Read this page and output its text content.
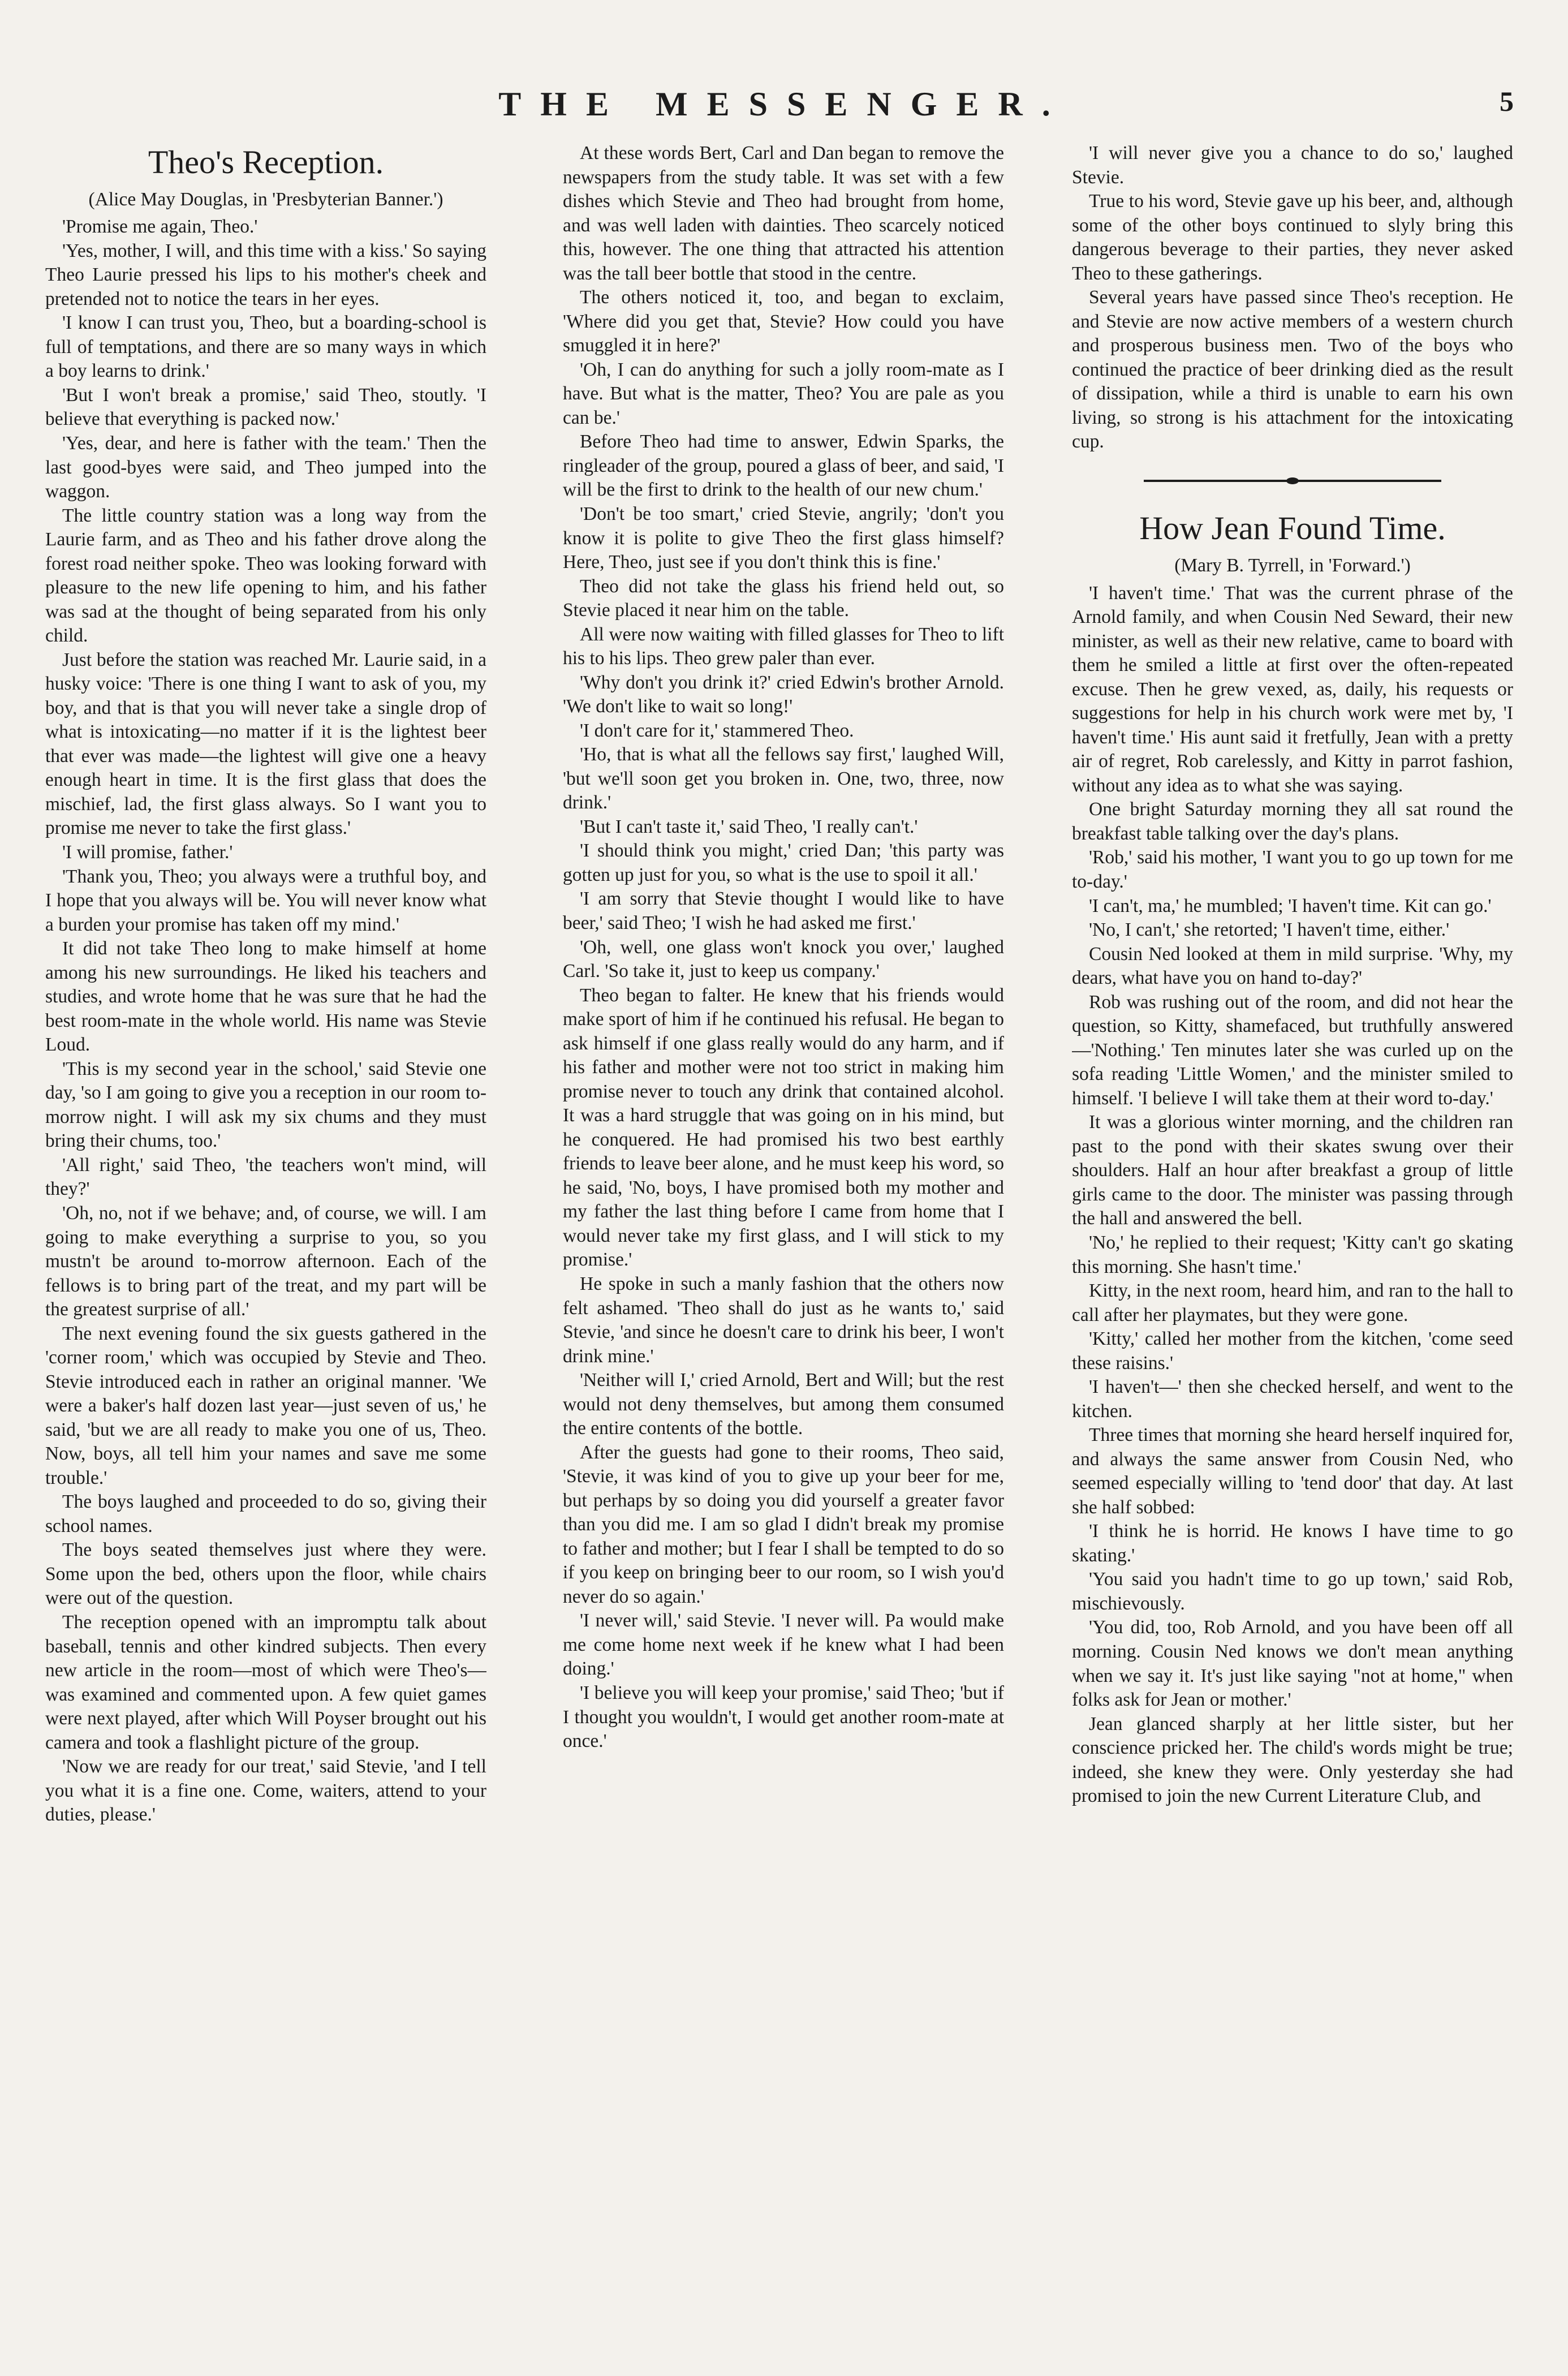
THE MESSENGER.	5
Theo's Reception.
(Alice May Douglas, in 'Presbyterian Banner.')

'Promise me again, Theo.'

'Yes, mother, I will, and this time with a kiss.' So saying Theo Laurie pressed his lips to his mother's cheek and pretended not to notice the tears in her eyes.

'I know I can trust you, Theo, but a boarding-school is full of temptations, and there are so many ways in which a boy learns to drink.'

'But I won't break a promise,' said Theo, stoutly. 'I believe that everything is packed now.'

'Yes, dear, and here is father with the team.' Then the last good-byes were said, and Theo jumped into the waggon.

The little country station was a long way from the Laurie farm, and as Theo and his father drove along the forest road neither spoke. Theo was looking forward with pleasure to the new life opening to him, and his father was sad at the thought of being separated from his only child.

Just before the station was reached Mr. Laurie said, in a husky voice: 'There is one thing I want to ask of you, my boy, and that is that you will never take a single drop of what is intoxicating—no matter if it is the lightest beer that ever was made—the lightest will give one a heavy enough heart in time. It is the first glass that does the mischief, lad, the first glass always. So I want you to promise me never to take the first glass.'

'I will promise, father.'

'Thank you, Theo; you always were a truthful boy, and I hope that you always will be. You will never know what a burden your promise has taken off my mind.'

It did not take Theo long to make himself at home among his new surroundings. He liked his teachers and studies, and wrote home that he was sure that he had the best room-mate in the whole world. His name was Stevie Loud.

'This is my second year in the school,' said Stevie one day, 'so I am going to give you a reception in our room to-morrow night. I will ask my six chums and they must bring their chums, too.'

'All right,' said Theo, 'the teachers won't mind, will they?'

'Oh, no, not if we behave; and, of course, we will. I am going to make everything a surprise to you, so you mustn't be around to-morrow afternoon. Each of the fellows is to bring part of the treat, and my part will be the greatest surprise of all.'

The next evening found the six guests gathered in the 'corner room,' which was occupied by Stevie and Theo. Stevie introduced each in rather an original manner. 'We were a baker's half dozen last year—just seven of us,' he said, 'but we are all ready to make you one of us, Theo. Now, boys, all tell him your names and save me some trouble.'

The boys laughed and proceeded to do so, giving their school names.

The boys seated themselves just where they were. Some upon the bed, others upon the floor, while chairs were out of the question.

The reception opened with an impromptu talk about baseball, tennis and other kindred subjects. Then every new article in the room—most of which were Theo's—was examined and commented upon. A few quiet games were next played, after which Will Poyser brought out his camera and took a flashlight picture of the group.

'Now we are ready for our treat,' said Stevie, 'and I tell you what it is a fine one. Come, waiters, attend to your duties, please.'

At these words Bert, Carl and Dan began to remove the newspapers from the study table. It was set with a few dishes which Stevie and Theo had brought from home, and was well laden with dainties. Theo scarcely noticed this, however. The one thing that attracted his attention was the tall beer bottle that stood in the centre.

The others noticed it, too, and began to exclaim, 'Where did you get that, Stevie? How could you have smuggled it in here?'

'Oh, I can do anything for such a jolly room-mate as I have. But what is the matter, Theo? You are pale as you can be.'

Before Theo had time to answer, Edwin Sparks, the ringleader of the group, poured a glass of beer, and said, 'I will be the first to drink to the health of our new chum.'

'Don't be too smart,' cried Stevie, angrily; 'don't you know it is polite to give Theo the first glass himself? Here, Theo, just see if you don't think this is fine.'

Theo did not take the glass his friend held out, so Stevie placed it near him on the table.

All were now waiting with filled glasses for Theo to lift his to his lips. Theo grew paler than ever.

'Why don't you drink it?' cried Edwin's brother Arnold. 'We don't like to wait so long!'

'I don't care for it,' stammered Theo.

'Ho, that is what all the fellows say first,' laughed Will, 'but we'll soon get you broken in. One, two, three, now drink.'

'But I can't taste it,' said Theo, 'I really can't.'

'I should think you might,' cried Dan; 'this party was gotten up just for you, so what is the use to spoil it all.'

'I am sorry that Stevie thought I would like to have beer,' said Theo; 'I wish he had asked me first.'

'Oh, well, one glass won't knock you over,' laughed Carl. 'So take it, just to keep us company.'

Theo began to falter. He knew that his friends would make sport of him if he continued his refusal. He began to ask himself if one glass really would do any harm, and if his father and mother were not too strict in making him promise never to touch any drink that contained alcohol. It was a hard struggle that was going on in his mind, but he conquered. He had promised his two best earthly friends to leave beer alone, and he must keep his word, so he said, 'No, boys, I have promised both my mother and my father the last thing before I came from home that I would never take my first glass, and I will stick to my promise.'

He spoke in such a manly fashion that the others now felt ashamed. 'Theo shall do just as he wants to,' said Stevie, 'and since he doesn't care to drink his beer, I won't drink mine.'

'Neither will I,' cried Arnold, Bert and Will; but the rest would not deny themselves, but among them consumed the entire contents of the bottle.

After the guests had gone to their rooms, Theo said, 'Stevie, it was kind of you to give up your beer for me, but perhaps by so doing you did yourself a greater favor than you did me. I am so glad I didn't break my promise to father and mother; but I fear I shall be tempted to do so if you keep on bringing beer to our room, so I wish you'd never do so again.'

'I never will,' said Stevie. 'I never will. Pa would make me come home next week if he knew what I had been doing.'

'I believe you will keep your promise,' said Theo; 'but if I thought you wouldn't, I would get another room-mate at once.'

'I will never give you a chance to do so,' laughed Stevie.

True to his word, Stevie gave up his beer, and, although some of the other boys continued to slyly bring this dangerous beverage to their parties, they never asked Theo to these gatherings.

Several years have passed since Theo's reception. He and Stevie are now active members of a western church and prosperous business men. Two of the boys who continued the practice of beer drinking died as the result of dissipation, while a third is unable to earn his own living, so strong is his attachment for the intoxicating cup.

How Jean Found Time.
(Mary B. Tyrrell, in 'Forward.')

'I haven't time.' That was the current phrase of the Arnold family, and when Cousin Ned Seward, their new minister, as well as their new relative, came to board with them he smiled a little at first over the often-repeated excuse. Then he grew vexed, as, daily, his requests or suggestions for help in his church work were met by, 'I haven't time.' His aunt said it fretfully, Jean with a pretty air of regret, Rob carelessly, and Kitty in parrot fashion, without any idea as to what she was saying.

One bright Saturday morning they all sat round the breakfast table talking over the day's plans.

'Rob,' said his mother, 'I want you to go up town for me to-day.'

'I can't, ma,' he mumbled; 'I haven't time. Kit can go.'

'No, I can't,' she retorted; 'I haven't time, either.'

Cousin Ned looked at them in mild surprise. 'Why, my dears, what have you on hand to-day?'

Rob was rushing out of the room, and did not hear the question, so Kitty, shamefaced, but truthfully answered—'Nothing.' Ten minutes later she was curled up on the sofa reading 'Little Women,' and the minister smiled to himself. 'I believe I will take them at their word to-day.'

It was a glorious winter morning, and the children ran past to the pond with their skates swung over their shoulders. Half an hour after breakfast a group of little girls came to the door. The minister was passing through the hall and answered the bell.

'No,' he replied to their request; 'Kitty can't go skating this morning. She hasn't time.'

Kitty, in the next room, heard him, and ran to the hall to call after her playmates, but they were gone.

'Kitty,' called her mother from the kitchen, 'come seed these raisins.'

'I haven't—' then she checked herself, and went to the kitchen.

Three times that morning she heard herself inquired for, and always the same answer from Cousin Ned, who seemed especially willing to 'tend door' that day. At last she half sobbed:

'I think he is horrid. He knows I have time to go skating.'

'You said you hadn't time to go up town,' said Rob, mischievously.

'You did, too, Rob Arnold, and you have been off all morning. Cousin Ned knows we don't mean anything when we say it. It's just like saying "not at home," when folks ask for Jean or mother.'

Jean glanced sharply at her little sister, but her conscience pricked her. The child's words might be true; indeed, she knew they were. Only yesterday she had promised to join the new Current Literature Club, and
